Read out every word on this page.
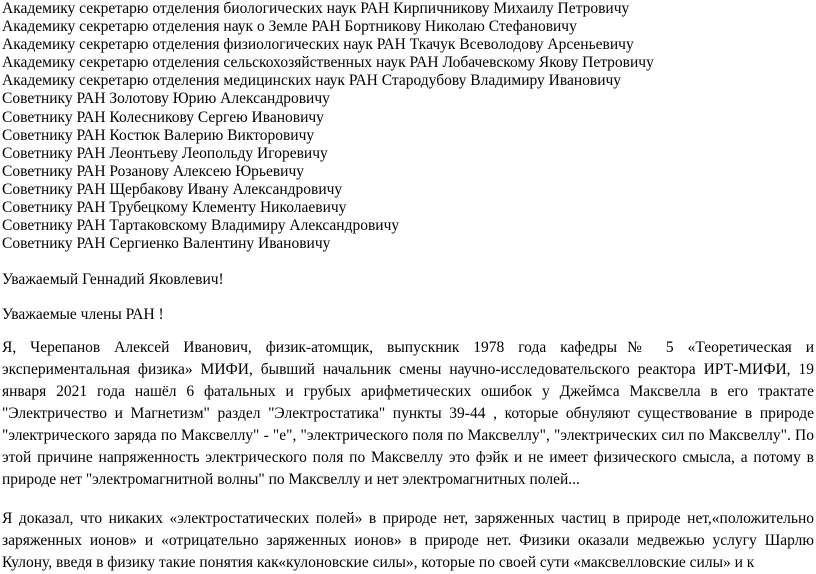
Академику секретарю отделения биологических наук РАН Кирпичникову Михаилу Петровичу
Академику секретарю отделения наук о Земле РАН Бортникову Николаю Стефановичу
Академику секретарю отделения физиологических наук РАН Ткачук Всеволодову Арсеньевичу
Академику секретарю отделения сельскохозяйственных наук РАН Лобачевскому Якову Петровичу
Академику секретарю отделения медицинских наук РАН Стародубову Владимиру Ивановичу
Советнику РАН Золотову Юрию Александровичу
Советнику РАН Колесникову Сергею Ивановичу
Советнику РАН Костюк Валерию Викторовичу
Советнику РАН Леонтьеву Леопольду Игоревичу
Советнику РАН Розанову Алексею Юрьевичу
Советнику РАН Щербакову Ивану Александровичу
Советнику РАН Трубецкому Клементу Николаевичу
Советнику РАН Тартаковскому Владимиру Александровичу
Советнику РАН Сергиенко Валентину Ивановичу

Уважаемый Геннадий Яковлевич!

Уважаемые члены РАН !

Я, Черепанов Алексей Иванович, физик-атомщик, выпускник 1978 года кафедры№ 5 «Теоретическая и экспериментальная физика» МИФИ, бывший начальник смены научно-исследовательского реактора ИРТ-МИФИ, 19 января 2021 года нашёл 6 фатальных и грубых арифметических ошибок у Джеймса Максвелла в его трактате "Электричество и Магнетизм" раздел "Электростатика" пункты 39-44 , которые обнуляют существование в природе "электрического заряда по Максвеллу" - "е", "электрического поля по Максвеллу", "электрических сил по Максвеллу". По этой причине напряженность электрического поля по Максвеллу это фэйк и не имеет физического смысла, а потому в природе нет "электромагнитной волны" по Максвеллу и нет электромагнитных полей...

Я доказал, что никаких «электростатических полей» в природе нет, заряженных частиц в природе нет,«положительно заряженных ионов» и «отрицательно заряженных ионов» в природе нет. Физики оказали медвежью услугу Шарлю Кулону, введя в физику такие понятия как«кулоновские силы», которые по своей сути «максвелловские силы» и к
